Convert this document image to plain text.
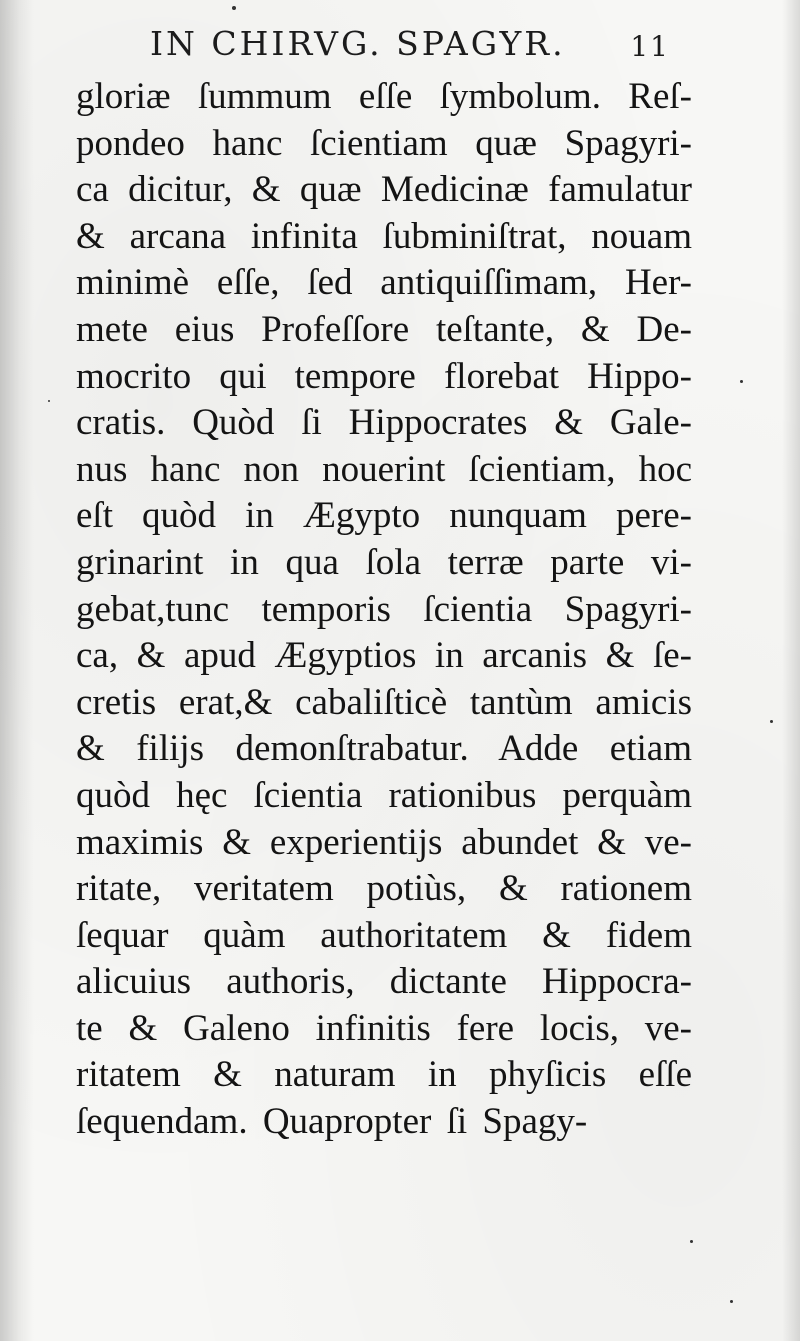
IN CHIRVG. SPAGYR. 11
gloriæ ſummum eſſe ſymbolum. Reſ-
pondeo hanc ſcientiam quæ Spagyri-
ca dicitur, & quæ Medicinæ famulatur
& arcana infinita ſubminiſtrat, nouam
minimè eſſe, ſed antiquiſſimam, Her-
mete eius Profeſſore teſtante, & De-
mocrito qui tempore florebat Hippo-
cratis. Quòd ſi Hippocrates & Gale-
nus hanc non nouerint ſcientiam, hoc
eſt quòd in Ægypto nunquam pere-
grinarint in qua ſola terræ parte vi-
gebat,tunc temporis ſcientia Spagyri-
ca, & apud Ægyptios in arcanis & ſe-
cretis erat,& cabaliſticè tantùm amicis
& filijs demonſtrabatur. Adde etiam
quòd hęc ſcientia rationibus perquàm
maximis & experientijs abundet & ve-
ritate, veritatem potiùs, & rationem
ſequar quàm authoritatem & fidem
alicuius authoris, dictante Hippocra-
te & Galeno infinitis fere locis, ve-
ritatem & naturam in phyſicis eſſe
ſequendam. Quapropter ſi Spagy-
